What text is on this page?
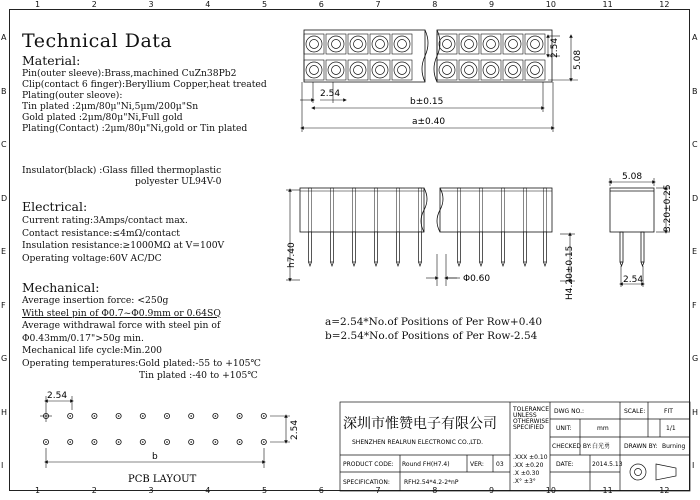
1
1
2
2
3
3
4
4
5
5
6
6
7
7
8
8
9
9
10
10
11
11
12
12
A	A
B	B
C	C
D	D
E	E
F	F
G	G
H	H
I	I
Technical Data
Material:
Pin(outer sleeve):Brass,machined CuZn38Pb2
Clip(contact 6 finger):Beryllium Copper,heat treated
Plating(outer sleove):
Tin plated :2μm/80μ"Ni,5μm/200μ"Sn
Gold plated :2μm/80μ"Ni,Full gold
Plating(Contact) :2μm/80μ"Ni,gold or Tin plated
Insulator(black) :Glass filled thermoplastic
polyester UL94V-0
Electrical:
Current rating:3Amps/contact max.
Contact resistance:≤4mΩ/contact
Insulation resistance:≥1000MΩ at V=100V
Operating voltage:60V AC/DC
Mechanical:
Average insertion force: <250g
With steel pin of Φ0.7~Φ0.9mm or 0.64SQ
Average withdrawal force with steel pin of
Φ0.43mm/0.17">50g min.
Mechanical life cycle:Min.200
Operating temperatures:Gold plated:-55 to +105℃
Tin plated :-40 to +105℃
a=2.54*No.of Positions of Per Row+0.40
b=2.54*No.of Positions of Per Row-2.54
2.54
b±0.15
a±0.40
2.54
5.08
h7.40
Φ0.60	H4.20±0.15
5.08
3.20±0.25
2.54
2.54
2.54
b
PCB LAYOUT
深圳市惟赞电子有限公司
SHENZHEN REALRUN ELECTRONIC CO.,LTD.
PRODUCT CODE: Round FH(H7.4)	VER: 03
SPECIFICATION: RFH2.54*4.2-2*nP
TOLERANCE
UNLESS
OTHERWISE
SPECIFIED
.XXX ±0.10
.XX ±0.20
.X ±0.30
.X° ±3°
DWG NO.:	SCALE:	FIT
UNIT:	mm	1/1
CHECKED BY: 白光勇 DRAWN BY: Burning
DATE:	2014.5.13
